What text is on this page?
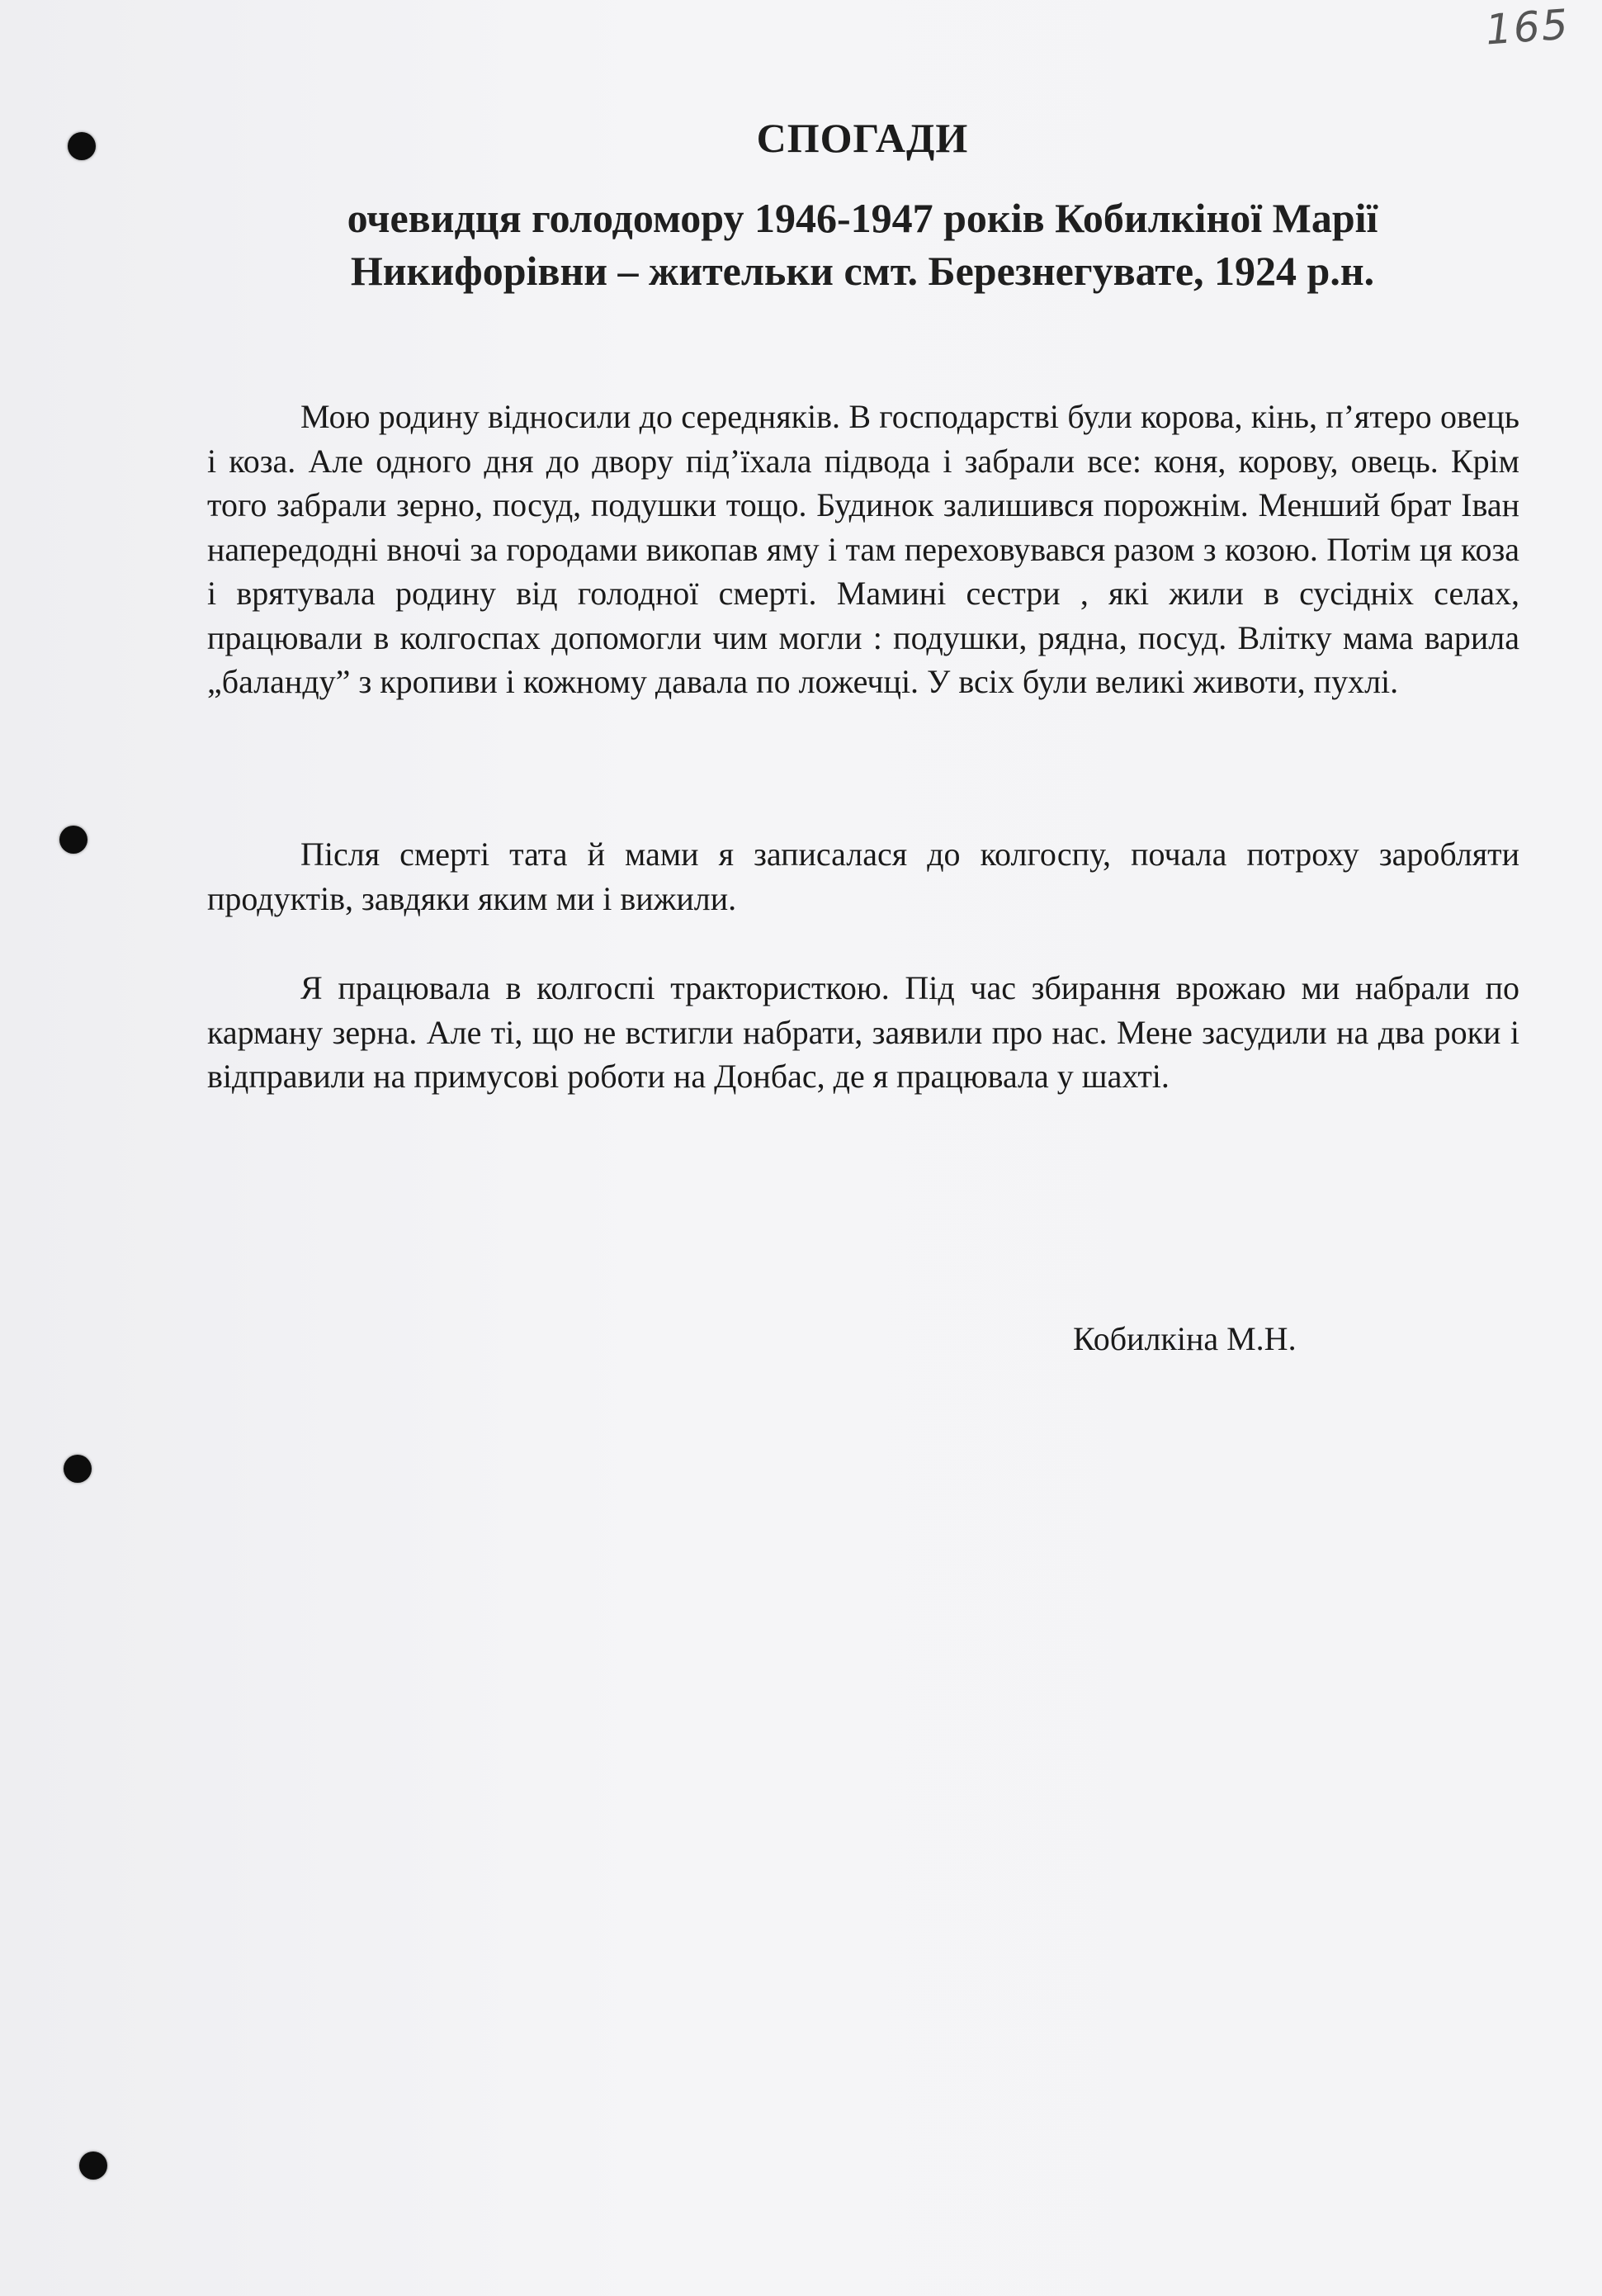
165
СПОГАДИ
очевидця голодомору 1946-1947 років Кобилкіної Марії
Никифорівни – жительки смт. Березнегувате, 1924 р.н.

Мою родину відносили до середняків. В господарстві були корова, кінь, п’ятеро овець і коза. Але одного дня до двору під’їхала підвода і забрали все: коня, корову, овець. Крім того забрали зерно, посуд, подушки тощо. Будинок залишився порожнім. Менший брат Іван напередодні вночі за городами викопав яму і там переховувався разом з козою. Потім ця коза і врятувала родину від голодної смерті. Мамині сестри , які жили в сусідніх селах, працювали в колгоспах допомогли чим могли : подушки, рядна, посуд. Влітку мама варила „баланду” з кропиви і кожному давала по ложечці. У всіх були великі животи, пухлі.

Після смерті тата й мами я записалася до колгоспу, почала потроху заробляти продуктів, завдяки яким ми і вижили.

Я працювала в колгоспі трактористкою. Під час збирання врожаю ми набрали по карману зерна. Але ті, що не встигли набрати, заявили про нас. Мене засудили на два роки і відправили на примусові роботи на Донбас, де я працювала у шахті.

Кобилкіна М.Н.
